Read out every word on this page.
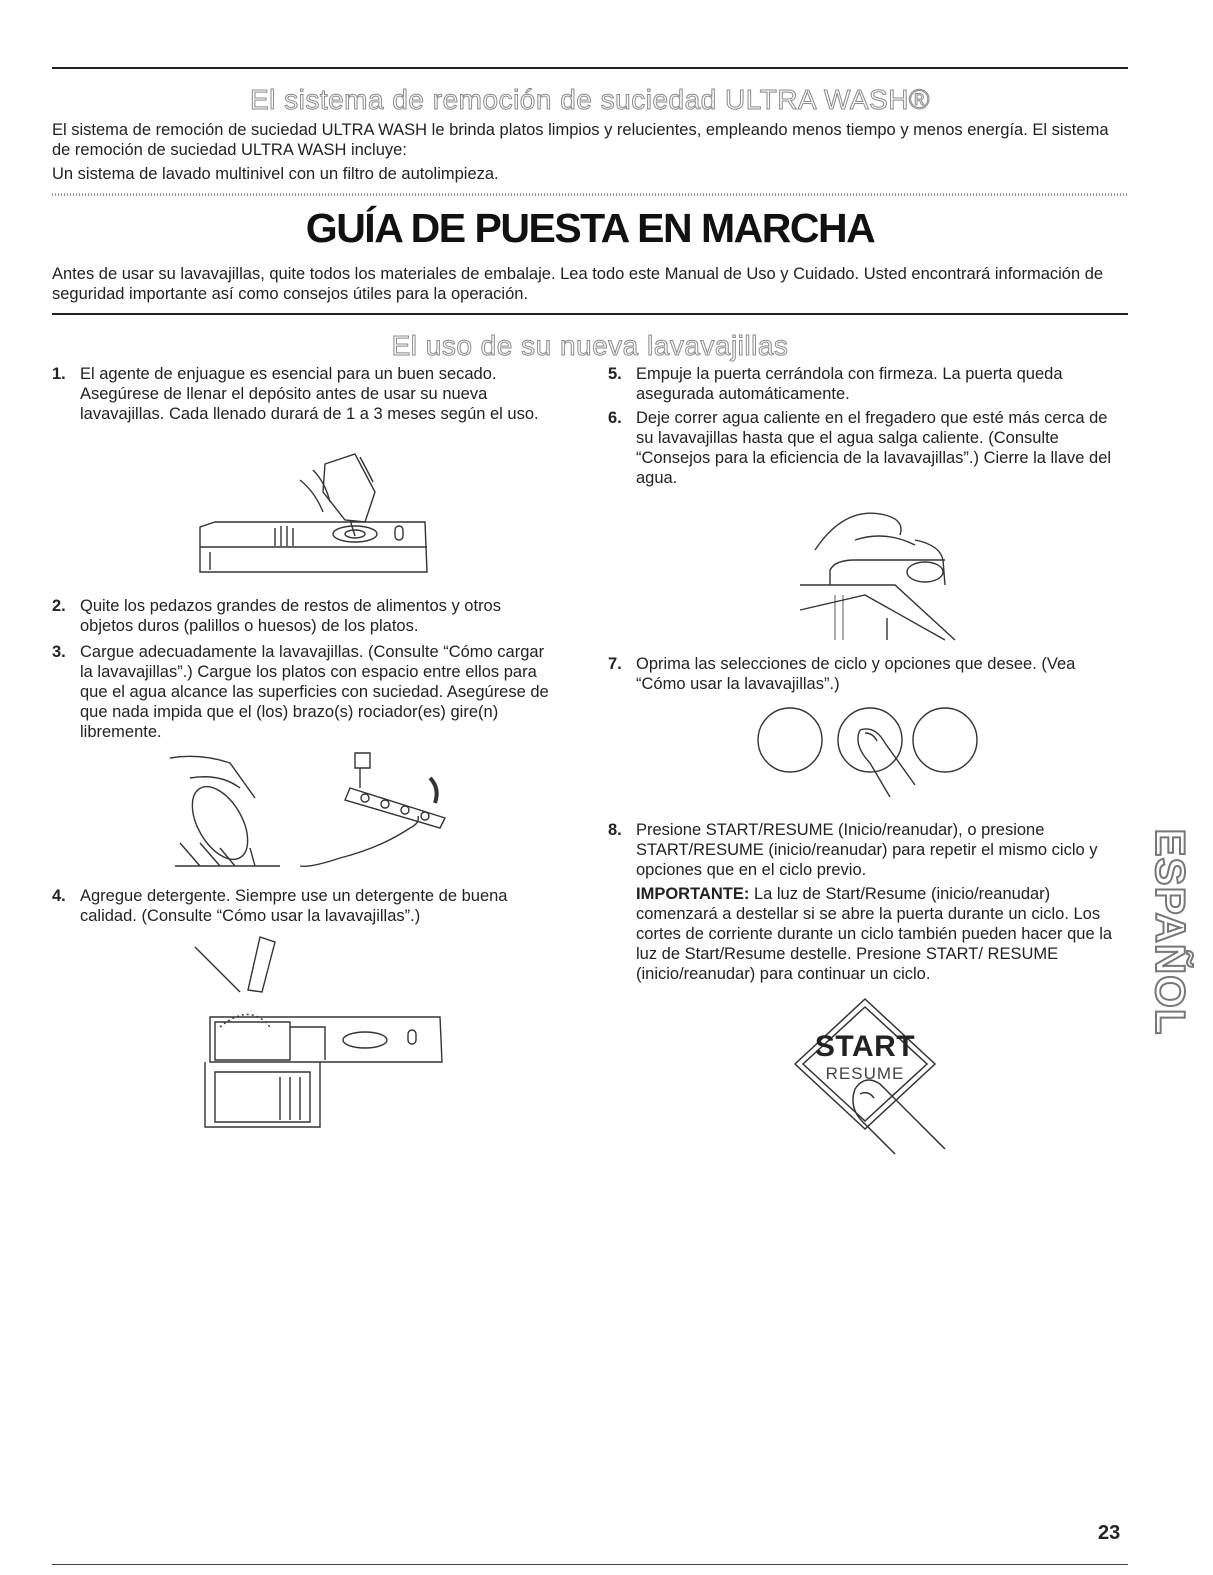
El sistema de remoción de suciedad ULTRA WASH®

El sistema de remoción de suciedad ULTRA WASH le brinda platos limpios y relucientes, empleando menos tiempo y menos energía. El sistema de remoción de suciedad ULTRA WASH incluye:

Un sistema de lavado multinivel con un filtro de autolimpieza.

GUÍA DE PUESTA EN MARCHA

Antes de usar su lavavajillas, quite todos los materiales de embalaje. Lea todo este Manual de Uso y Cuidado. Usted encontrará información de seguridad importante así como consejos útiles para la operación.

El uso de su nueva lavavajillas
1. El agente de enjuague es esencial para un buen secado. Asegúrese de llenar el depósito antes de usar su nueva lavavajillas. Cada llenado durará de 1 a 3 meses según el uso.
2. Quite los pedazos grandes de restos de alimentos y otros objetos duros (palillos o huesos) de los platos.
3. Cargue adecuadamente la lavavajillas. (Consulte “Cómo cargar la lavavajillas”.) Cargue los platos con espacio entre ellos para que el agua alcance las superficies con suciedad. Asegúrese de que nada impida que el (los) brazo(s) rociador(es) gire(n) libremente.
4. Agregue detergente. Siempre use un detergente de buena calidad. (Consulte “Cómo usar la lavavajillas”.)
5. Empuje la puerta cerrándola con firmeza. La puerta queda asegurada automáticamente.
6. Deje correr agua caliente en el fregadero que esté más cerca de su lavavajillas hasta que el agua salga caliente. (Consulte “Consejos para la eficiencia de la lavavajillas”.) Cierre la llave del agua.
7. Oprima las selecciones de ciclo y opciones que desee. (Vea “Cómo usar la lavavajillas”.)
8. Presione START/RESUME (Inicio/reanudar), o presione START/RESUME (inicio/reanudar) para repetir el mismo ciclo y opciones que en el ciclo previo.
IMPORTANTE: La luz de Start/Resume (inicio/reanudar) comenzará a destellar si se abre la puerta durante un ciclo. Los cortes de corriente durante un ciclo también pueden hacer que la luz de Start/Resume destelle. Presione START/ RESUME (inicio/reanudar) para continuar un ciclo.
START
RESUME
ESPAÑOL
23
